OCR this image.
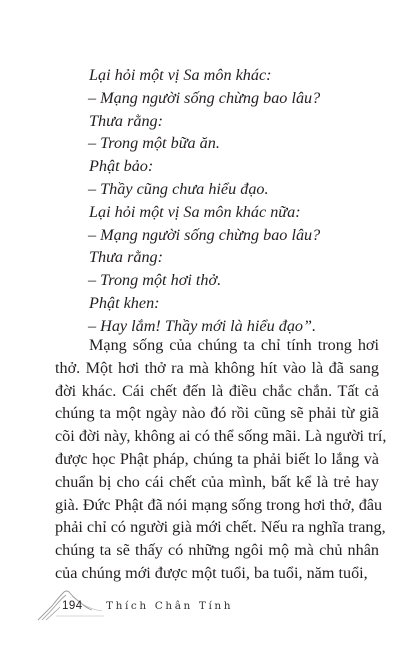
Lại hỏi một vị Sa môn khác:

– Mạng người sống chừng bao lâu?

Thưa rằng:

– Trong một bữa ăn.

Phật bảo:

– Thầy cũng chưa hiểu đạo.

Lại hỏi một vị Sa môn khác nữa:

– Mạng người sống chừng bao lâu?

Thưa rằng:

– Trong một hơi thở.

Phật khen:

– Hay lắm! Thầy mới là hiểu đạo”.

Mạng sống của chúng ta chỉ tính trong hơi

thở. Một hơi thở ra mà không hít vào là đã sang

đời khác. Cái chết đến là điều chắc chắn. Tất cả

chúng ta một ngày nào đó rồi cũng sẽ phải từ giã

cõi đời này, không ai có thể sống mãi. Là người trí,

được học Phật pháp, chúng ta phải biết lo lắng và

chuẩn bị cho cái chết của mình, bất kể là trẻ hay

già. Đức Phật đã nói mạng sống trong hơi thở, đâu

phải chỉ có người già mới chết. Nếu ra nghĩa trang,

chúng ta sẽ thấy có những ngôi mộ mà chủ nhân

của chúng mới được một tuổi, ba tuổi, năm tuổi,

194 Thích Chân Tính
